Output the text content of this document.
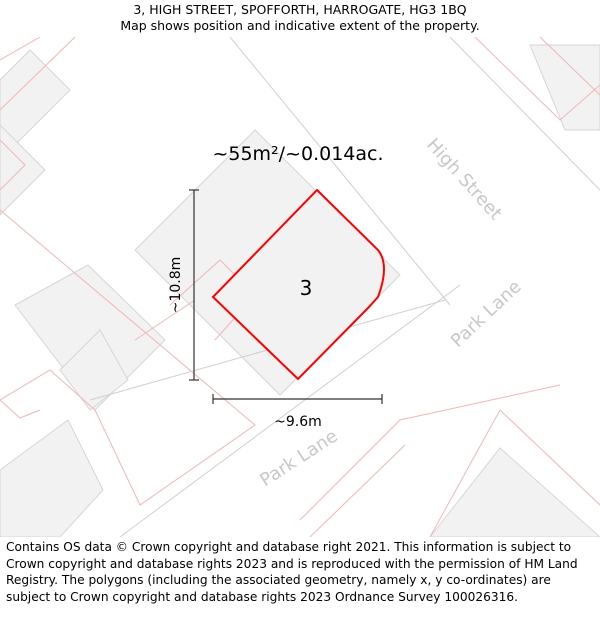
3, HIGH STREET, SPOFFORTH, HARROGATE, HG3 1BQ
Map shows position and indicative extent of the property.
~55m²/~0.014ac.
3
~10.8m
~9.6m
High Street
Park Lane
Park Lane
Contains OS data © Crown copyright and database right 2021. This information is subject to Crown copyright and database rights 2023 and is reproduced with the permission of HM Land Registry. The polygons (including the associated geometry, namely x, y co-ordinates) are subject to Crown copyright and database rights 2023 Ordnance Survey 100026316.
